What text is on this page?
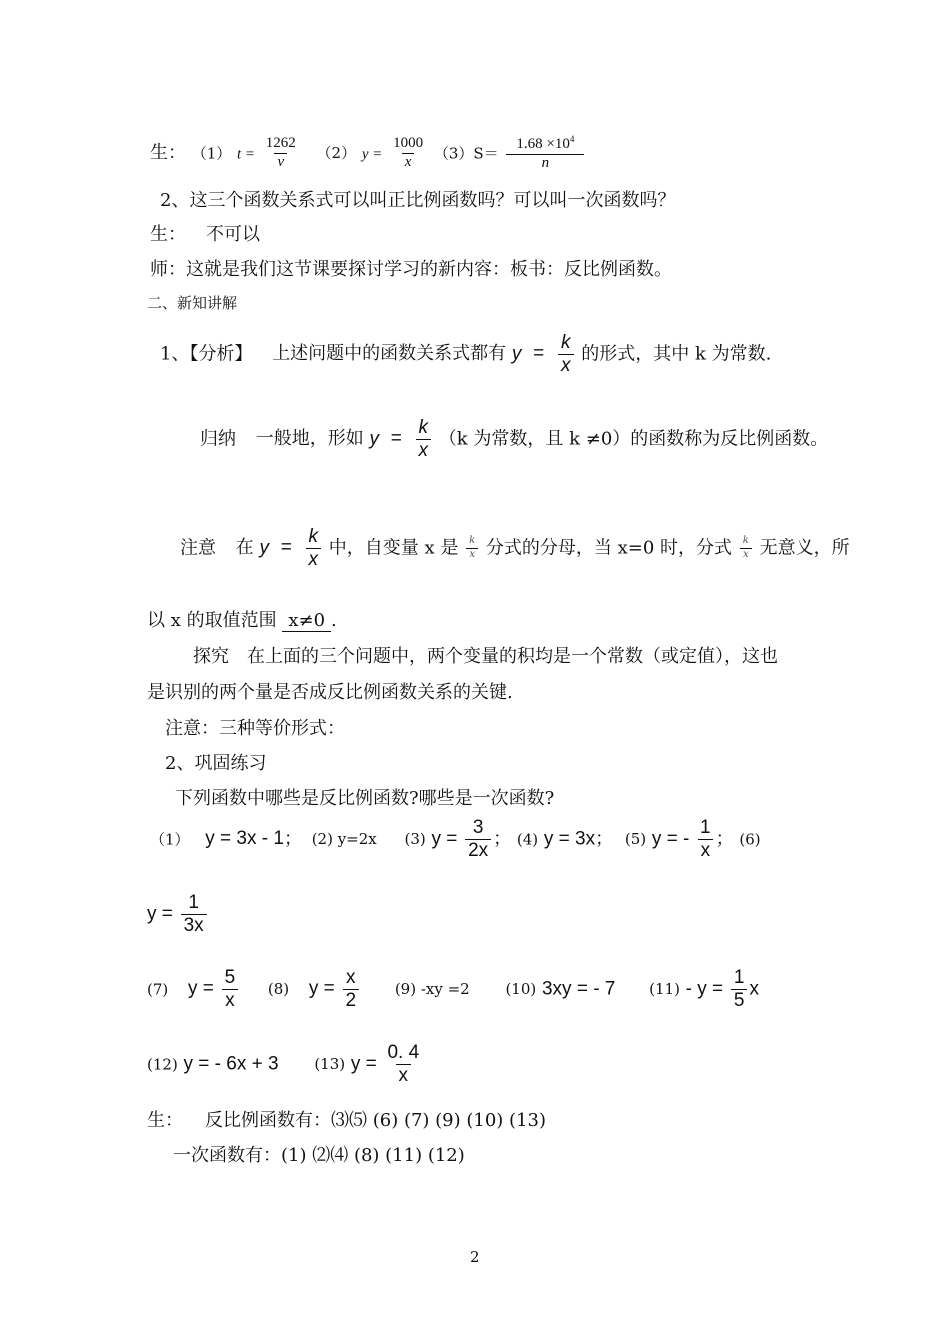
生： （1） $t = \frac{1262}{v} (2) y = \frac{1000}{x} (3)S= \frac{1.68 \times 10^4}{n}$
2、这三个函数关系式可以叫正比例函数吗？可以叫一次函数吗？
生： 不可以
师：这就是我们这节课要探讨学习的新内容：板书：反比例函数。
二、新知讲解
1、【分析】 上述问题中的函数关系式都有 $y = \frac{k}{x}$ 的形式，其中 k 为常数.
归纳 一般地，形如 $y = \frac{k}{x} (k$ 为常数，且 k ≠0）的函数称为反比例函数。
注意 在 $y = \frac{k}{x}$ 中，自变量 x 是 $\frac{k}{x}$ 分式的分母，当 x=0 时，分式 $\frac{k}{x}$ 无意义，所
以 x 的取值范围 x≠0 .
探究 在上面的三个问题中，两个变量的积均是一个常数（或定值），这也
是识别的两个量是否成反比例函数关系的关键.
注意：三种等价形式：
2、巩固练习
下列函数中哪些是反比例函数?哪些是一次函数?
（1） y = 3x - 1； (2) y=2x (3) $y = \frac{3}{2x}$ ； (4) y = 3x； (5) y = - $\frac{1}{x}$ ； (6)
$y = \frac{1}{3x}$
(7) $y = \frac{5}{x} (8) y = \frac{x}{2} (9)$ -xy =2 (10) 3xy = - 7 $(11) - y = \frac{1}{5}$ x
(12) y = - 6x + 3 (13) $y = \frac{0. 4}{x}$
生： 反比例函数有：⑶⑸ (6) (7) (9) (10) (13)
一次函数有：(1) ⑵⑷ (8) (11) (12)
2
